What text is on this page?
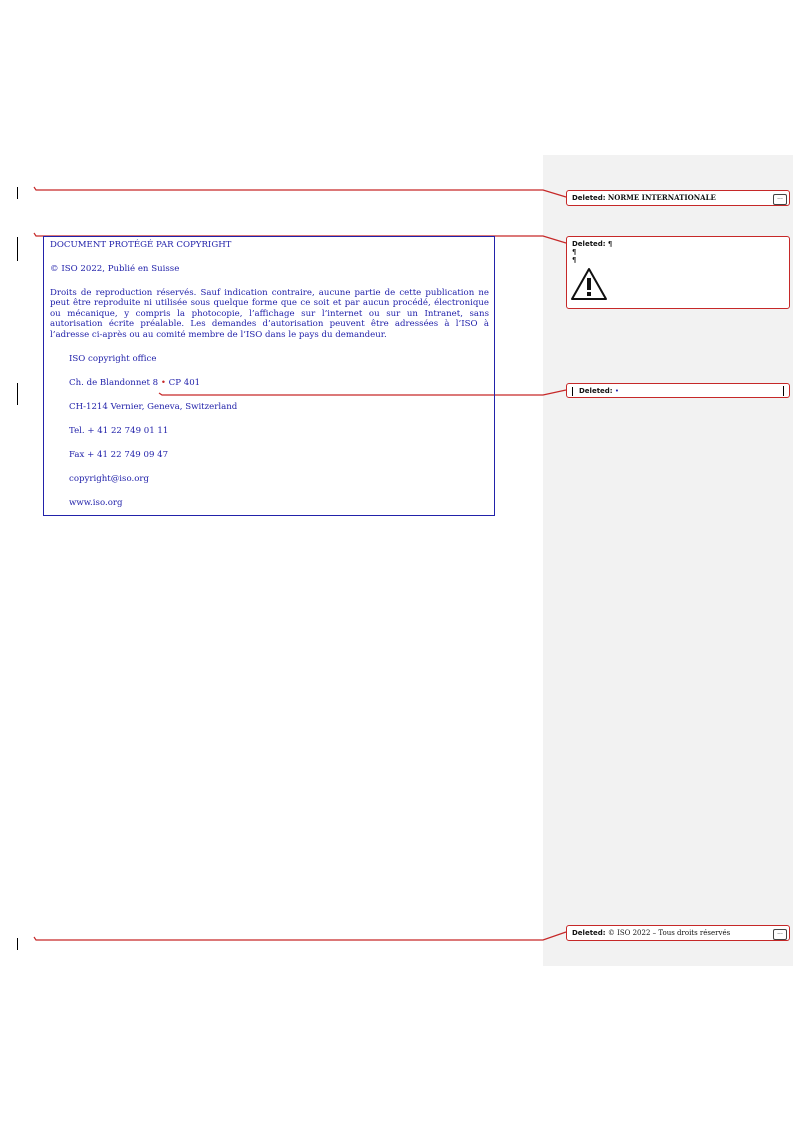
DOCUMENT PROTÉGÉ PAR COPYRIGHT

© ISO 2022, Publié en Suisse

Droits de reproduction réservés. Sauf indication contraire, aucune partie de cette publication ne peut être reproduite ni utilisée sous quelque forme que ce soit et par aucun procédé, électronique ou mécanique, y compris la photocopie, l’affichage sur l’internet ou sur un Intranet, sans autorisation écrite préalable. Les demandes d’autorisation peuvent être adressées à l’ISO à l’adresse ci-après ou au comité membre de l’ISO dans le pays du demandeur.

ISO copyright office

Ch. de Blandonnet 8 • CP 401

CH-1214 Vernier, Geneva, Switzerland

Tel. + 41 22 749 01 11

Fax + 41 22 749 09 47

copyright@iso.org

www.iso.org

Deleted: NORME INTERNATIONALE	...
Deleted: ¶
¶
¶
Deleted: •
Deleted: © ISO 2022 – Tous droits réservés	...
